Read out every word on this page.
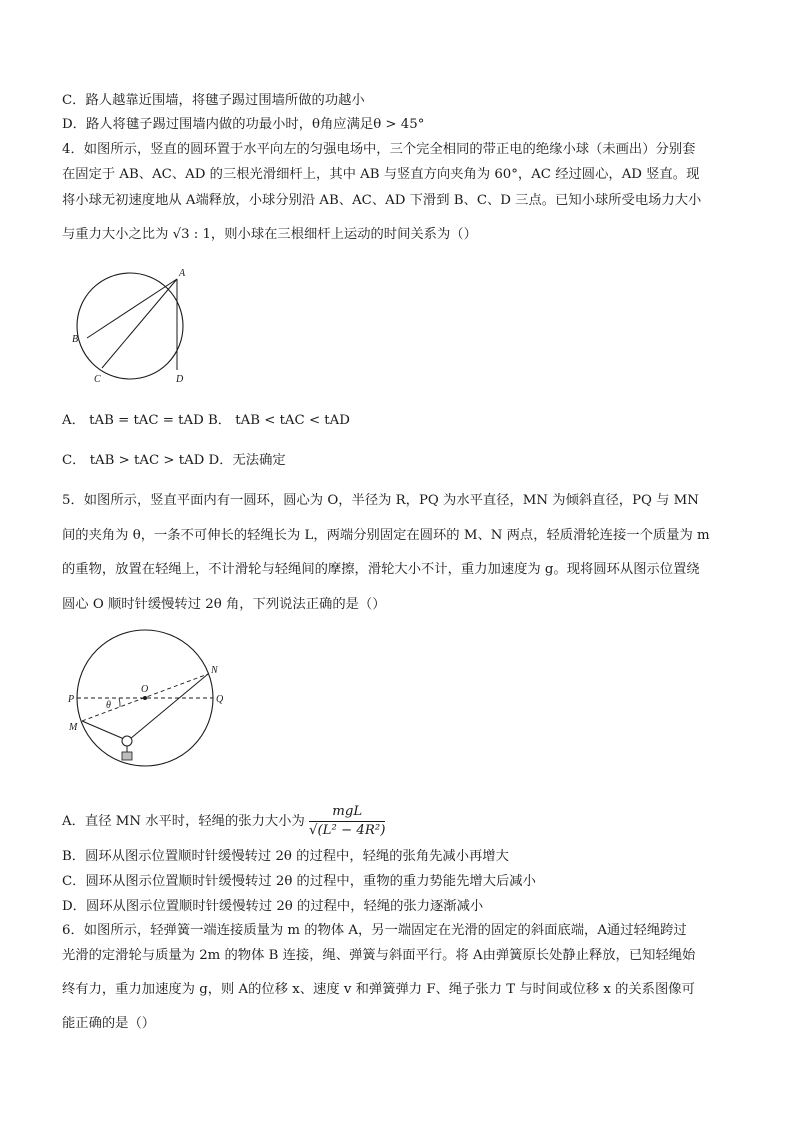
C．路人越靠近围墙，将毽子踢过围墙所做的功越小
D．路人将毽子踢过围墙内做的功最小时，θ角应满足θ > 45°
4．如图所示，竖直的圆环置于水平向左的匀强电场中，三个完全相同的带正电的绝缘小球（未画出）分别套
在固定于 AB、AC、AD 的三根光滑细杆上，其中 AB 与竖直方向夹角为 60°，AC 经过圆心，AD 竖直。现
将小球无初速度地从 A端释放，小球分别沿 AB、AC、AD 下滑到 B、C、D 三点。已知小球所受电场力大小
与重力大小之比为 √3 : 1，则小球在三根细杆上运动的时间关系为（）
A
B
C	D
A． tAB = tAC = tAD B． tAB < tAC < tAD
C． tAB > tAC > tAD D．无法确定
5．如图所示，竖直平面内有一圆环，圆心为 O，半径为 R，PQ 为水平直径，MN 为倾斜直径，PQ 与 MN
间的夹角为 θ，一条不可伸长的轻绳长为 L，两端分别固定在圆环的 M、N 两点，轻质滑轮连接一个质量为 m
的重物，放置在轻绳上，不计滑轮与轻绳间的摩擦，滑轮大小不计，重力加速度为 g。现将圆环从图示位置绕
圆心 O 顺时针缓慢转过 2θ 角，下列说法正确的是（）
P	Q
O
N
M
θ
A．直径 MN 水平时，轻绳的张力大小为 $\frac{\text{mgL}}{\text{√(L² − 4R²)}}$
B．圆环从图示位置顺时针缓慢转过 2θ 的过程中，轻绳的张角先减小再增大
C．圆环从图示位置顺时针缓慢转过 2θ 的过程中，重物的重力势能先增大后减小
D．圆环从图示位置顺时针缓慢转过 2θ 的过程中，轻绳的张力逐渐减小
6．如图所示，轻弹簧一端连接质量为 m 的物体 A，另一端固定在光滑的固定的斜面底端，A通过轻绳跨过
光滑的定滑轮与质量为 2m 的物体 B 连接，绳、弹簧与斜面平行。将 A由弹簧原长处静止释放，已知轻绳始
终有力，重力加速度为 g，则 A的位移 x、速度 v 和弹簧弹力 F、绳子张力 T 与时间或位移 x 的关系图像可
能正确的是（）
